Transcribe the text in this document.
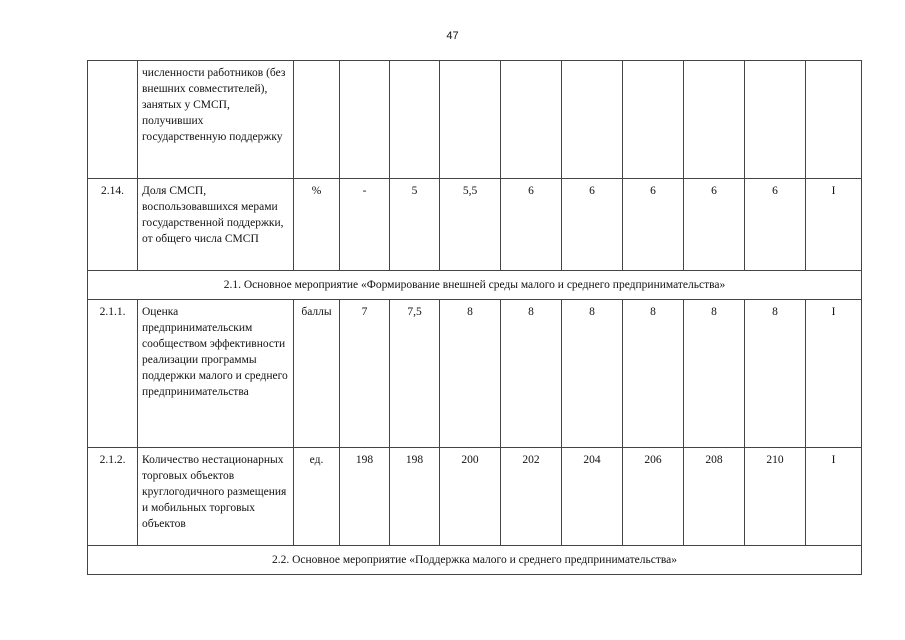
47
	численности работников (без внешних совместителей), занятых у СМСП, получивших государственную поддержку										
2.14.	Доля СМСП, воспользовавшихся мерами государственной поддержки, от общего числа СМСП	%	-	5	5,5	6	6	6	6	6	I
2.1. Основное мероприятие «Формирование внешней среды малого и среднего предпринимательства»											
2.1.1.	Оценка предпринимательским сообществом эффективности реализации программы поддержки малого и среднего предпринимательства	баллы	7	7,5	8	8	8	8	8	8	I
2.1.2.	Количество нестационарных торговых объектов круглогодичного размещения и мобильных торговых объектов	ед.	198	198	200	202	204	206	208	210	I
2.2. Основное мероприятие «Поддержка малого и среднего предпринимательства»											
